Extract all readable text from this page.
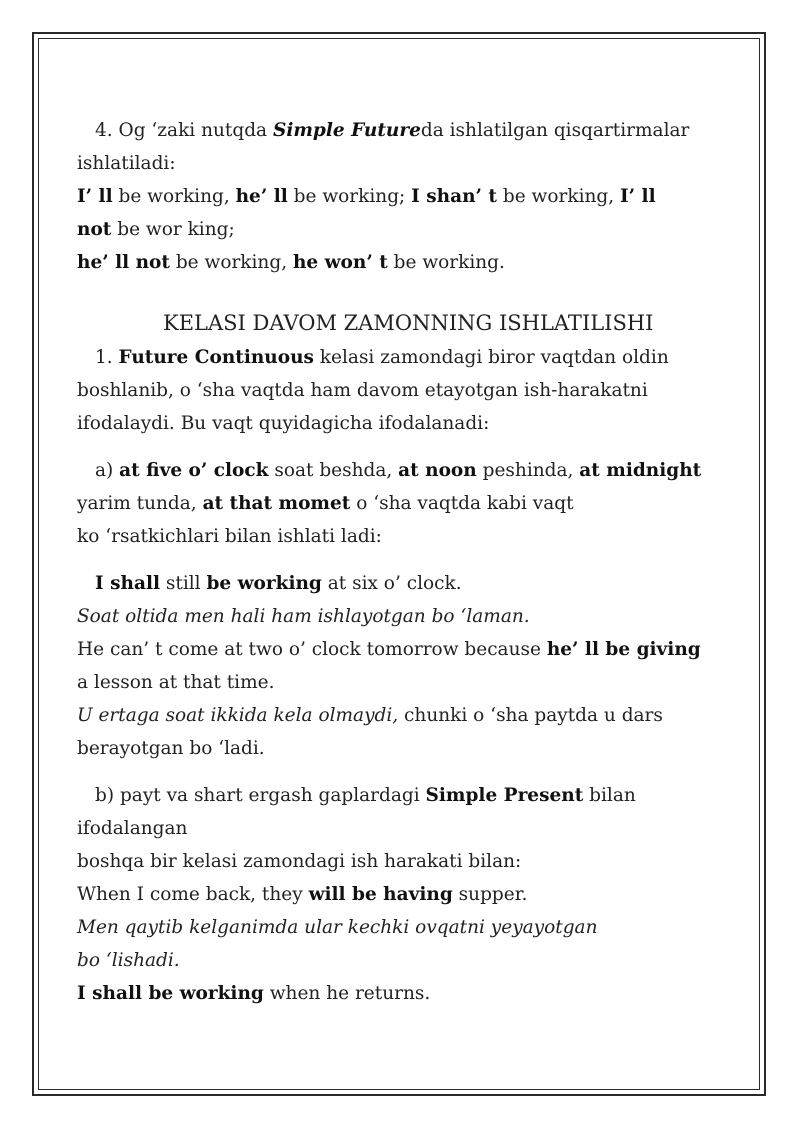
4. Og ‘zaki nutqda Simple Futureda ishlatilgan qisqartirmalar

ishlatiladi:

I’ ll be working, he’ ll be working; I shan’ t be working, I’ ll

not be wor king;

he’ ll not be working, he won’ t be working.

KELASI DAVOM ZAMONNING ISHLATILISHI

1. Future Continuous kelasi zamondagi biror vaqtdan oldin

boshlanib, o ‘sha vaqtda ham davom etayotgan ish-harakatni

ifodalaydi. Bu vaqt quyidagicha ifodalanadi:

a) at five o’ clock soat beshda, at noon peshinda, at midnight

yarim tunda, at that momet o ‘sha vaqtda kabi vaqt

ko ‘rsatkichlari bilan ishlati ladi:

I shall still be working at six o’ clock.

Soat oltida men hali ham ishlayotgan bo ‘laman.

He can’ t come at two o’ clock tomorrow because he’ ll be giving

a lesson at that time.

U ertaga soat ikkida kela olmaydi, chunki o ‘sha paytda u dars

berayotgan bo ‘ladi.

b) payt va shart ergash gaplardagi Simple Present bilan

ifodalangan

boshqa bir kelasi zamondagi ish harakati bilan:

When I come back, they will be having supper.

Men qaytib kelganimda ular kechki ovqatni yeyayotgan

bo ‘lishadi.

I shall be working when he returns.
